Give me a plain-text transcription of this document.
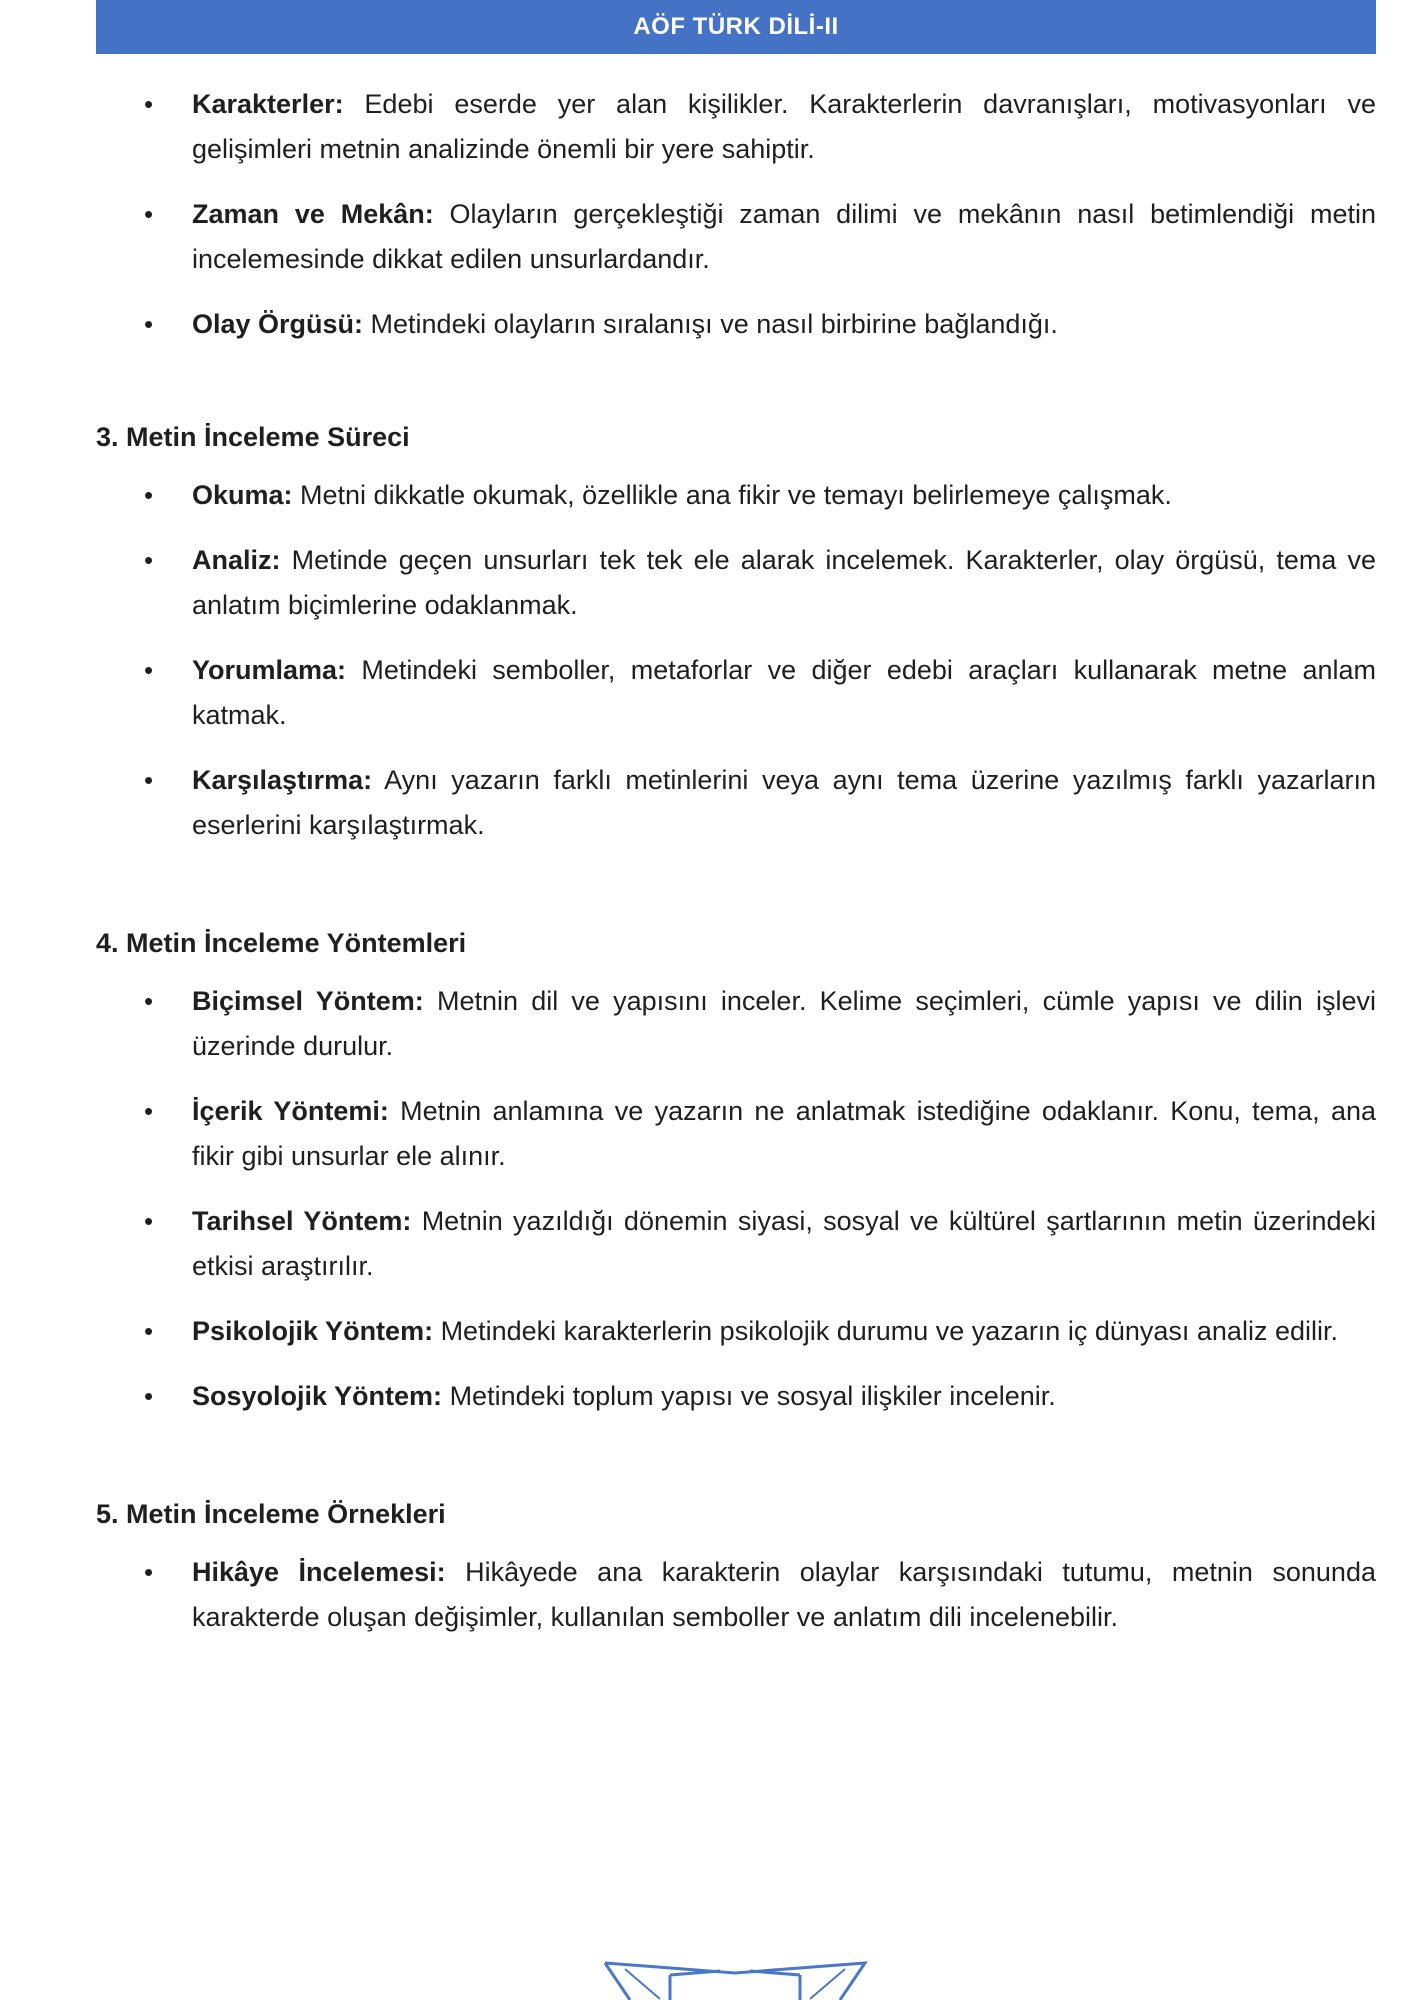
AÖF TÜRK DİLİ-II
• Karakterler: Edebi eserde yer alan kişilikler. Karakterlerin davranışları, motivasyonları ve gelişimleri metnin analizinde önemli bir yere sahiptir.
• Zaman ve Mekân: Olayların gerçekleştiği zaman dilimi ve mekânın nasıl betimlendiği metin incelemesinde dikkat edilen unsurlardandır.
• Olay Örgüsü: Metindeki olayların sıralanışı ve nasıl birbirine bağlandığı.
3. Metin İnceleme Süreci
• Okuma: Metni dikkatle okumak, özellikle ana fikir ve temayı belirlemeye çalışmak.
• Analiz: Metinde geçen unsurları tek tek ele alarak incelemek. Karakterler, olay örgüsü, tema ve anlatım biçimlerine odaklanmak.
• Yorumlama: Metindeki semboller, metaforlar ve diğer edebi araçları kullanarak metne anlam katmak.
• Karşılaştırma: Aynı yazarın farklı metinlerini veya aynı tema üzerine yazılmış farklı yazarların eserlerini karşılaştırmak.
4. Metin İnceleme Yöntemleri
• Biçimsel Yöntem: Metnin dil ve yapısını inceler. Kelime seçimleri, cümle yapısı ve dilin işlevi üzerinde durulur.
• İçerik Yöntemi: Metnin anlamına ve yazarın ne anlatmak istediğine odaklanır. Konu, tema, ana fikir gibi unsurlar ele alınır.
• Tarihsel Yöntem: Metnin yazıldığı dönemin siyasi, sosyal ve kültürel şartlarının metin üzerindeki etkisi araştırılır.
• Psikolojik Yöntem: Metindeki karakterlerin psikolojik durumu ve yazarın iç dünyası analiz edilir.
• Sosyolojik Yöntem: Metindeki toplum yapısı ve sosyal ilişkiler incelenir.
5. Metin İnceleme Örnekleri
• Hikâye İncelemesi: Hikâyede ana karakterin olaylar karşısındaki tutumu, metnin sonunda karakterde oluşan değişimler, kullanılan semboller ve anlatım dili incelenebilir.
